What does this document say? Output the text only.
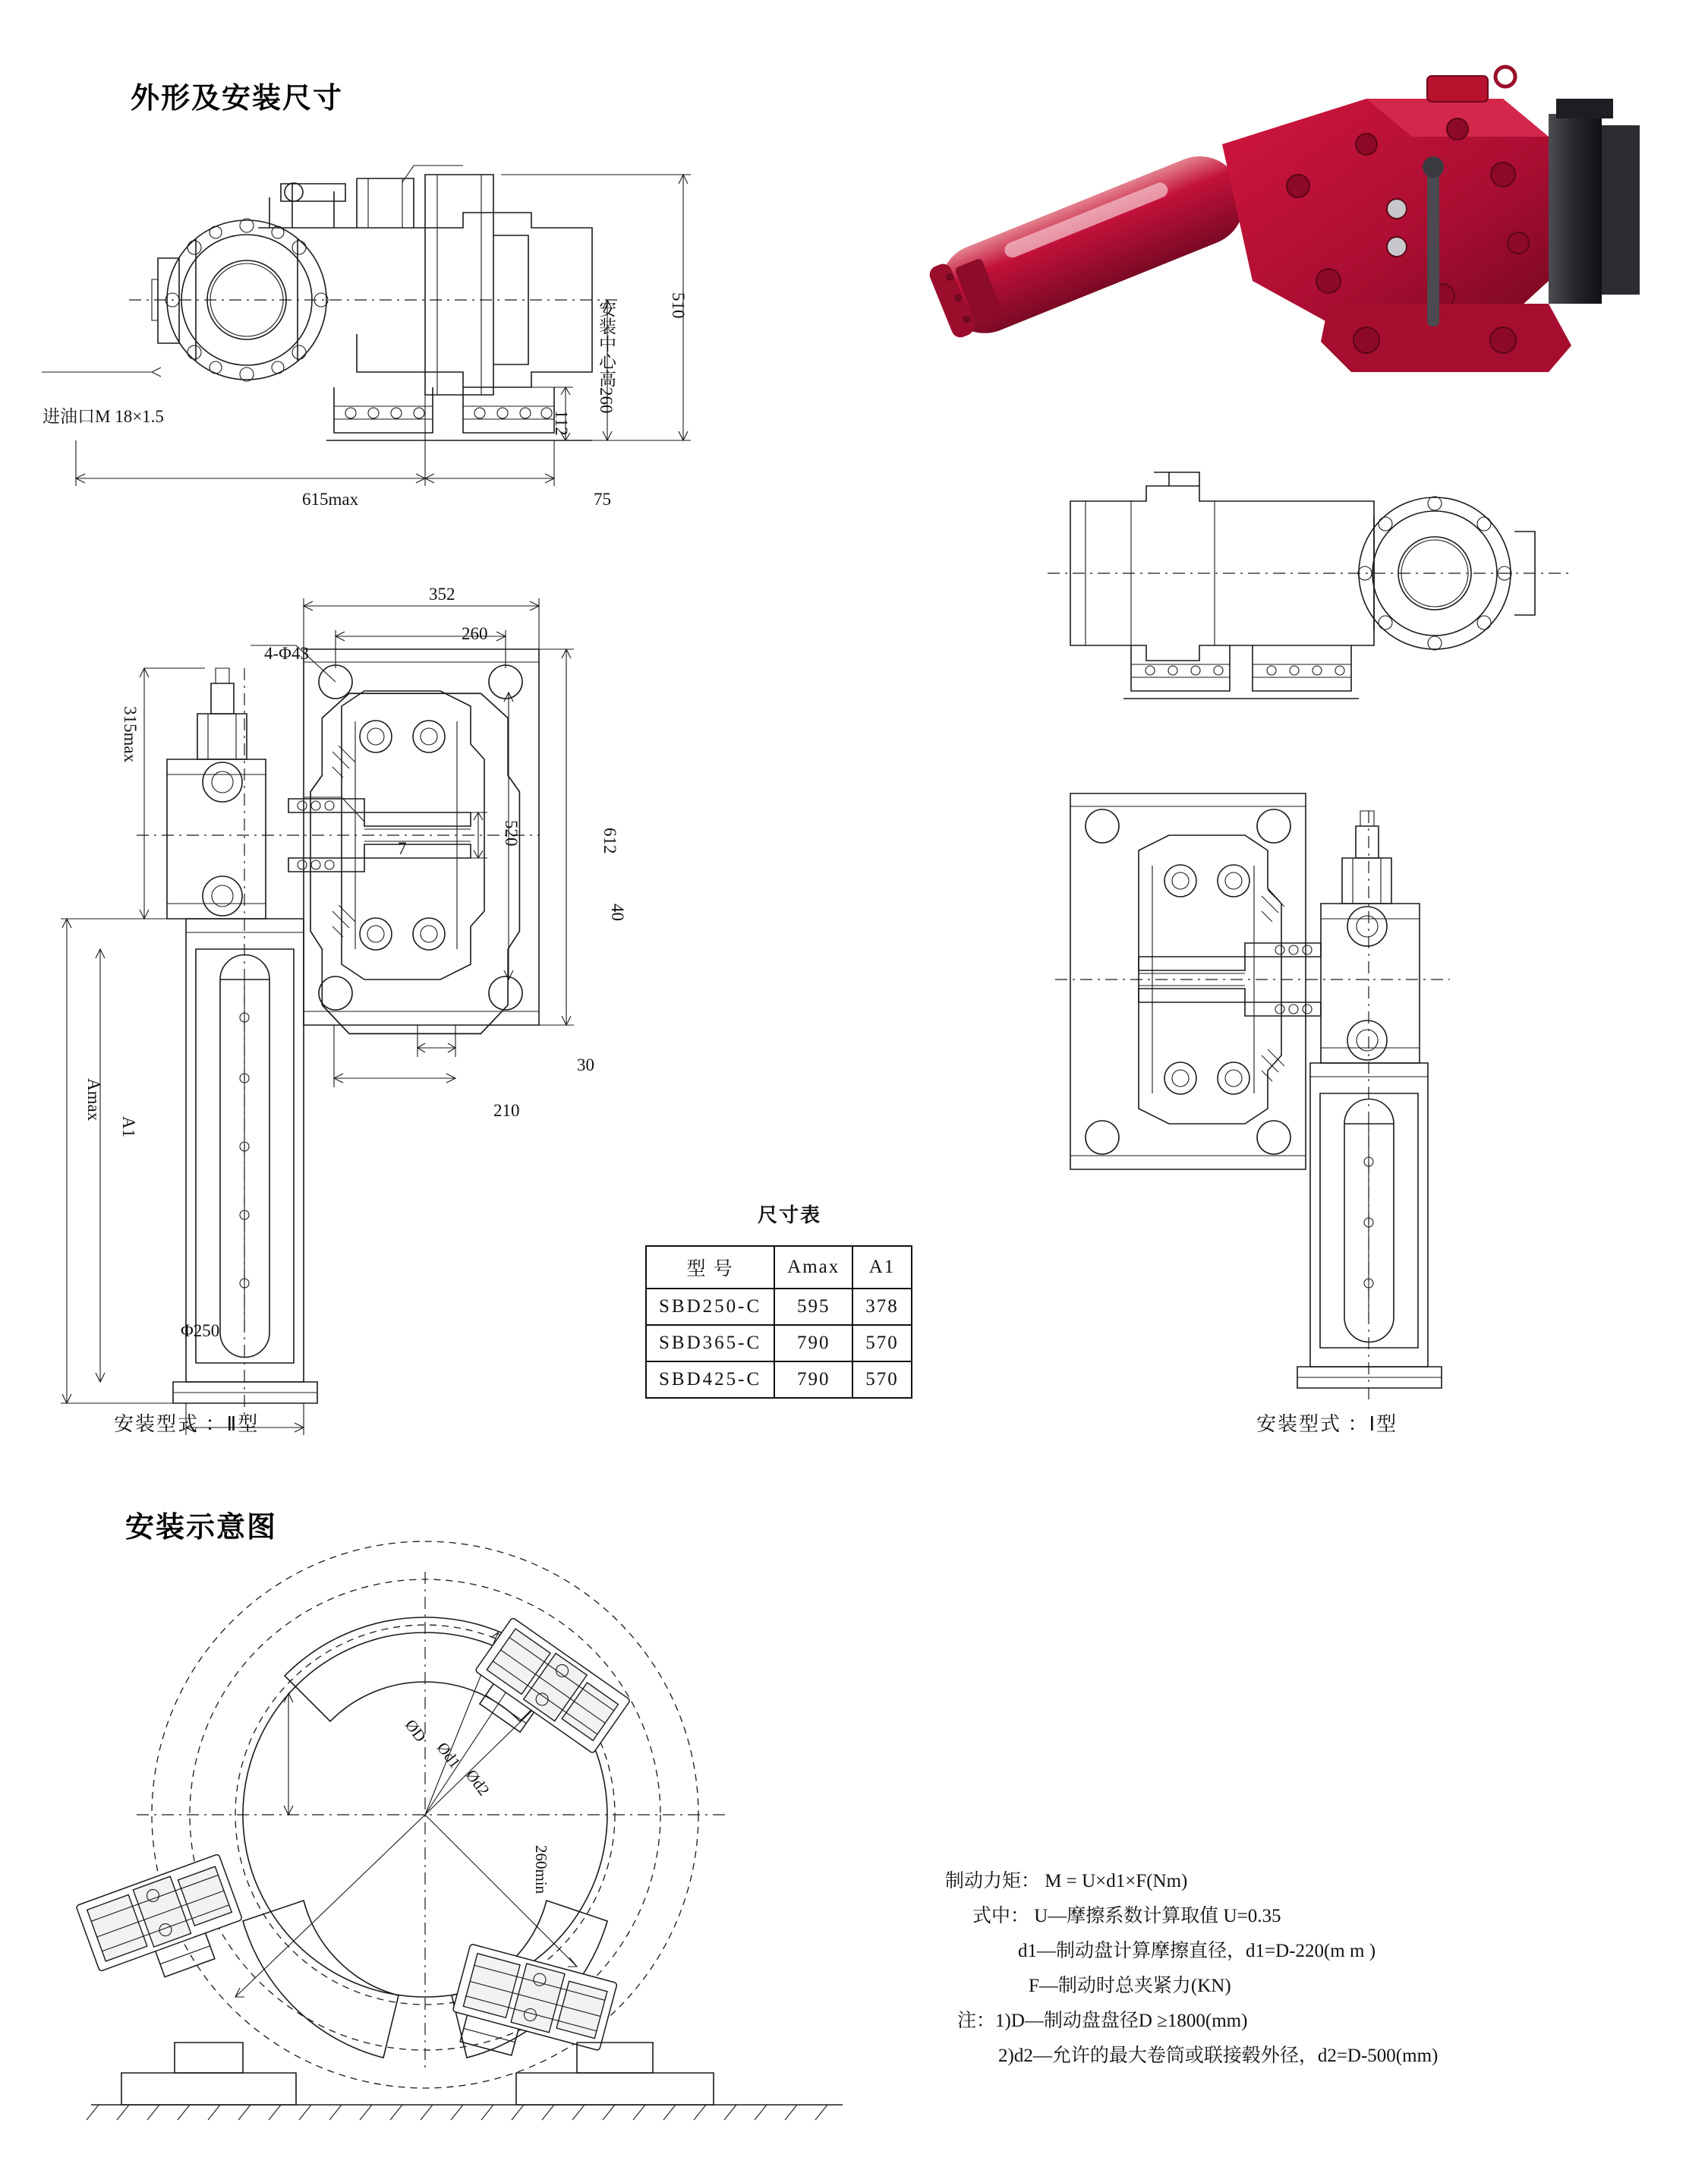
外形及安装尺寸
安装示意图
510
安装中心高260
112
615max	75
进油口M 18×1.5
352
260
4-Φ43
315max
520	612
40
7
30
210
Amax
A1
Φ250
安装型式 ：Ⅱ型	安装型式 ：Ⅰ型
尺寸表
型 号	Amax	A1
SBD250-C	595	378
SBD365-C	790	570
SBD425-C	790	570
ØD
Ød1
Ød2
260min	制动力矩： M = U×d1×F(Nm)
式中： U—摩擦系数计算取值 U=0.35
d1—制动盘计算摩擦直径，d1=D-220(m m )
F—制动时总夹紧力(KN)
注：1)D—制动盘盘径D ≥1800(mm)
2)d2—允许的最大卷筒或联接毂外径，d2=D-500(mm)
